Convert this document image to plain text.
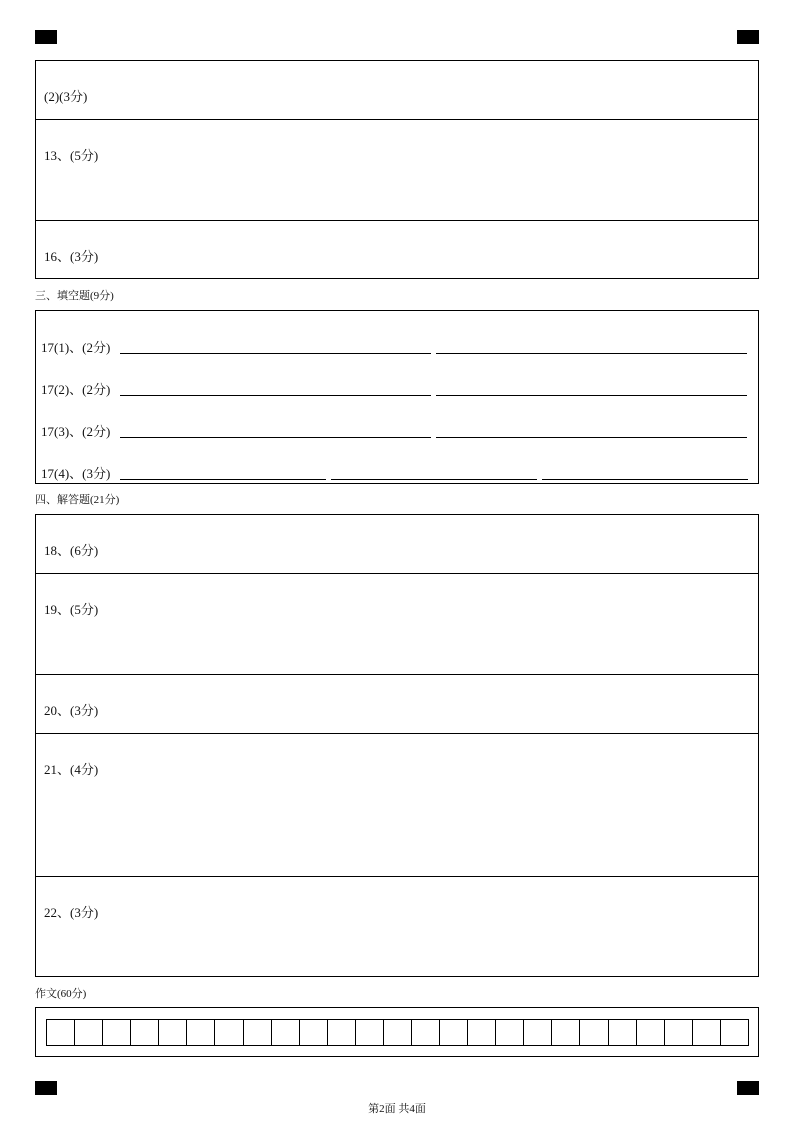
(2)(3分)
13、(5分)
16、(3分)
三、填空题(9分)
17(1)、(2分)
17(2)、(2分)
17(3)、(2分)
17(4)、(3分)
四、解答题(21分)
18、(6分)
19、(5分)
20、(3分)
21、(4分)
22、(3分)
作文(60分)
第2面 共4面
